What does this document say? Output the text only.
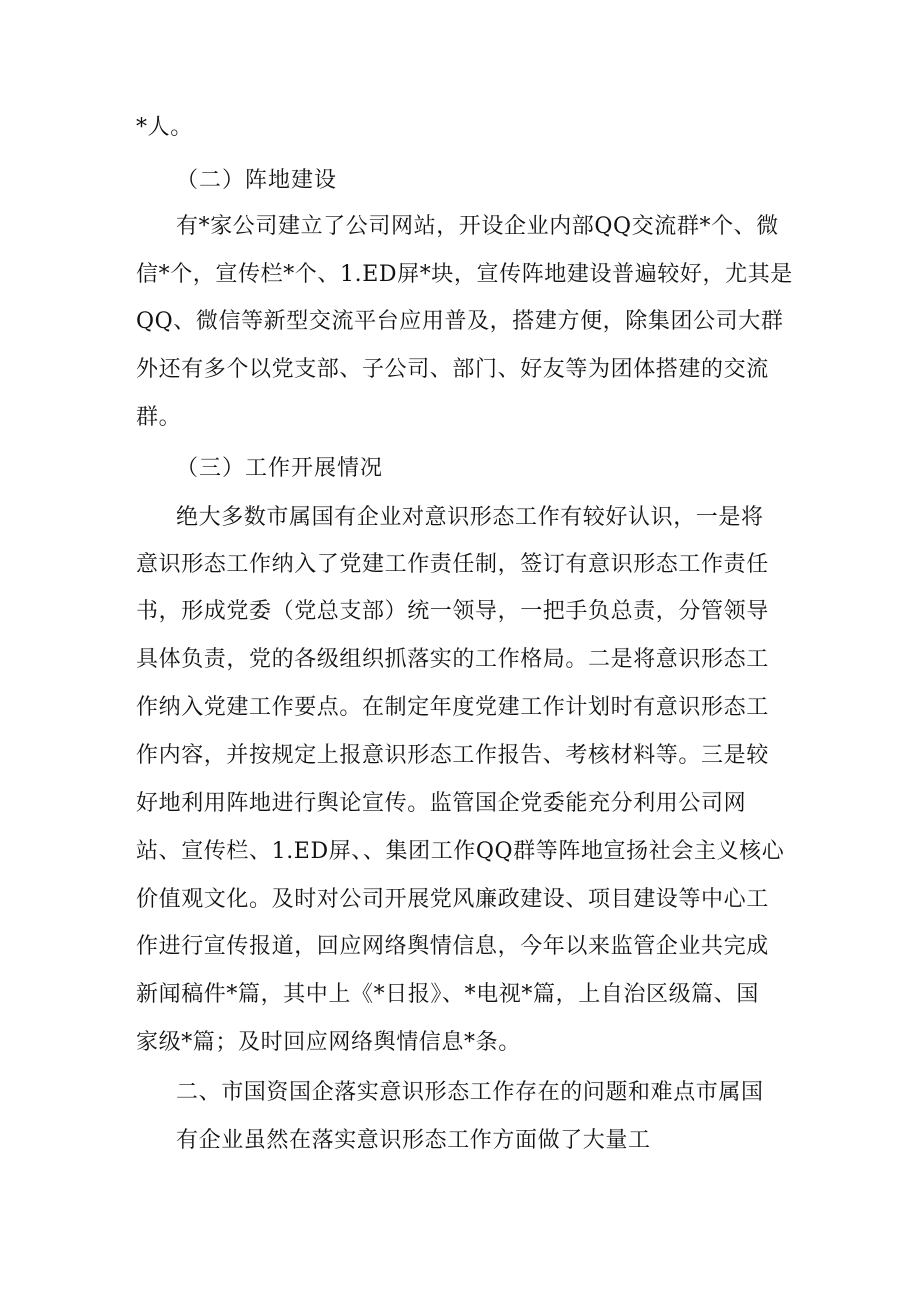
*人。
（二）阵地建设
有*家公司建立了公司网站，开设企业内部QQ交流群*个、微
信*个，宣传栏*个、1.ED屏*块，宣传阵地建设普遍较好，尤其是
QQ、微信等新型交流平台应用普及，搭建方便，除集团公司大群
外还有多个以党支部、子公司、部门、好友等为团体搭建的交流
群。
（三）工作开展情况
绝大多数市属国有企业对意识形态工作有较好认识，一是将
意识形态工作纳入了党建工作责任制，签订有意识形态工作责任
书，形成党委（党总支部）统一领导，一把手负总责，分管领导
具体负责，党的各级组织抓落实的工作格局。二是将意识形态工
作纳入党建工作要点。在制定年度党建工作计划时有意识形态工
作内容，并按规定上报意识形态工作报告、考核材料等。三是较
好地利用阵地进行舆论宣传。监管国企党委能充分利用公司网
站、宣传栏、1.ED屏、、集团工作QQ群等阵地宣扬社会主义核心
价值观文化。及时对公司开展党风廉政建设、项目建设等中心工
作进行宣传报道，回应网络舆情信息，今年以来监管企业共完成
新闻稿件*篇，其中上《*日报》、*电视*篇，上自治区级篇、国
家级*篇；及时回应网络舆情信息*条。
二、市国资国企落实意识形态工作存在的问题和难点市属国
有企业虽然在落实意识形态工作方面做了大量工
